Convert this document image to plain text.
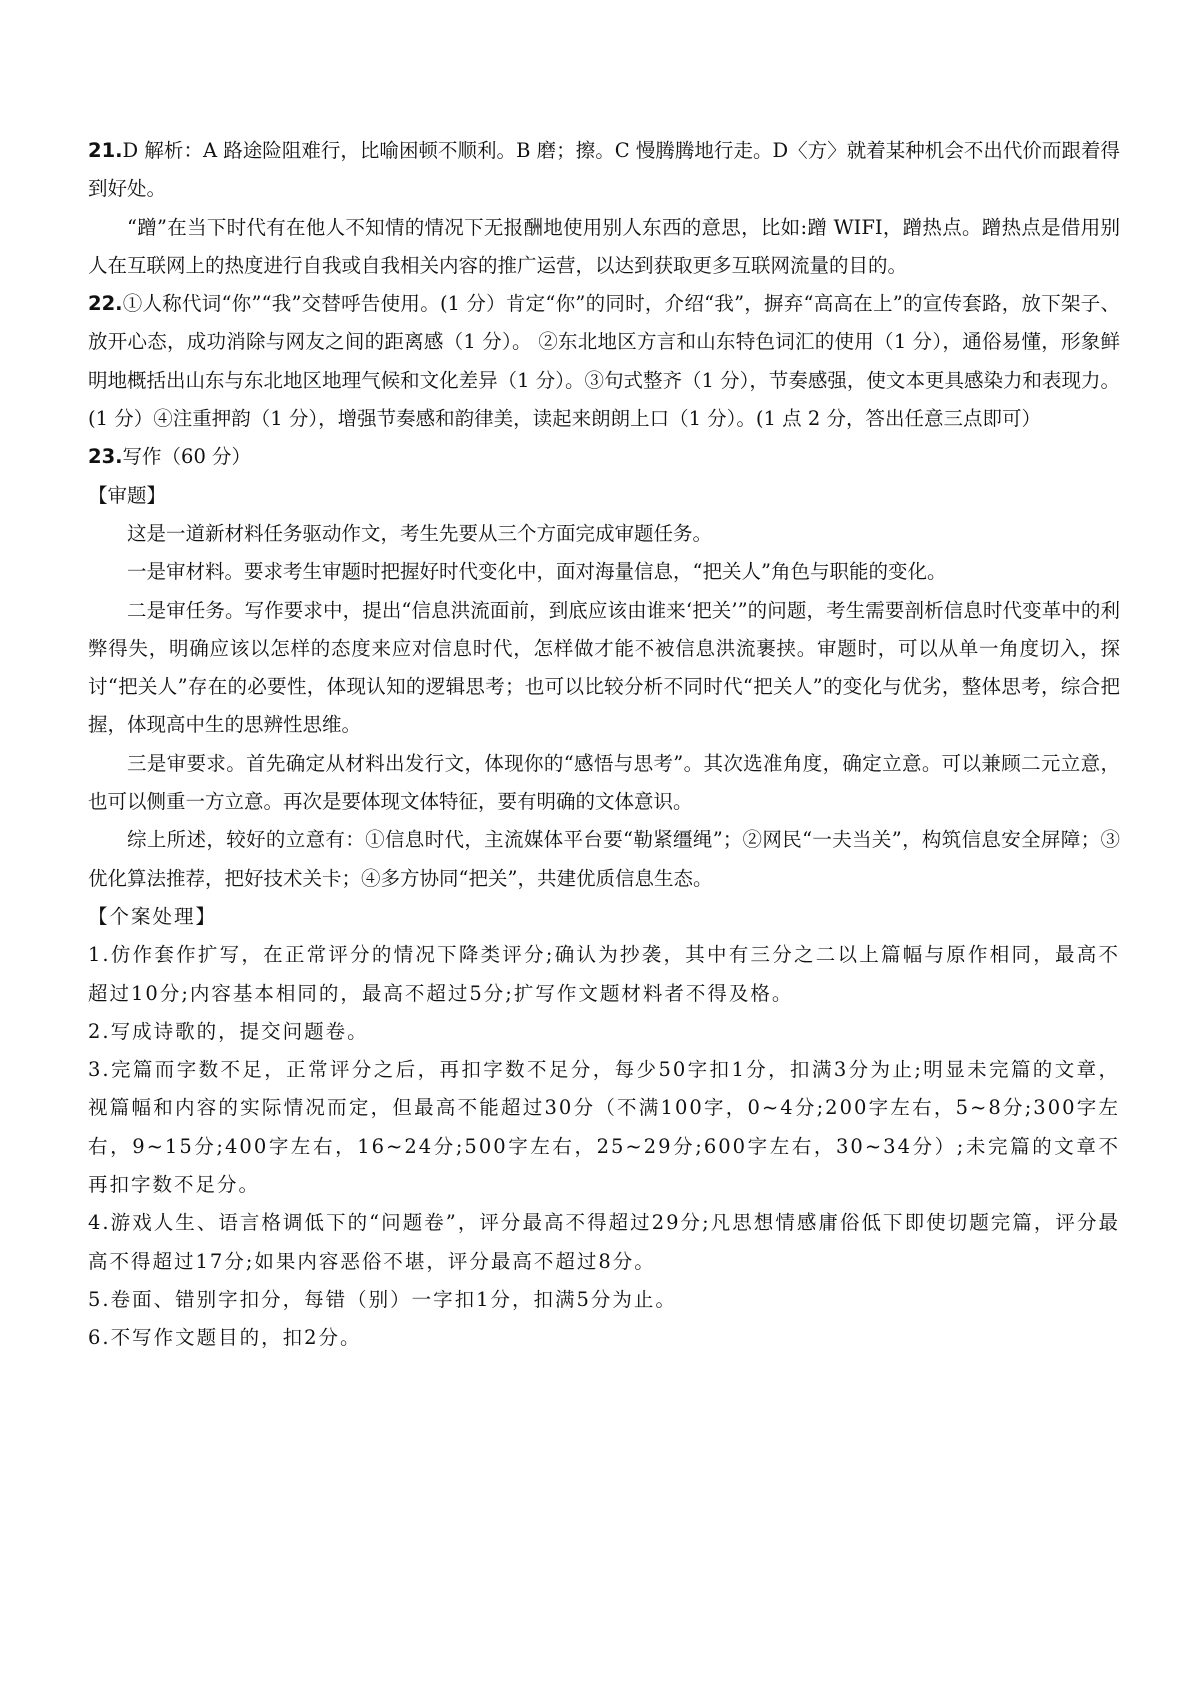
21.D 解析：A 路途险阻难行，比喻困顿不顺利。B 磨；擦。C 慢腾腾地行走。D〈方〉就着某种机会不出代价而跟着得到好处。

“蹭”在当下时代有在他人不知情的情况下无报酬地使用别人东西的意思，比如:蹭 WIFI，蹭热点。蹭热点是借用别人在互联网上的热度进行自我或自我相关内容的推广运营，以达到获取更多互联网流量的目的。

22.①人称代词“你”“我”交替呼告使用。(1 分）肯定“你”的同时，介绍“我”，摒弃“高高在上”的宣传套路，放下架子、放开心态，成功消除与网友之间的距离感（1 分）。 ②东北地区方言和山东特色词汇的使用（1 分），通俗易懂，形象鲜明地概括出山东与东北地区地理气候和文化差异（1 分）。③句式整齐（1 分），节奏感强，使文本更具感染力和表现力。(1 分）④注重押韵（1 分），增强节奏感和韵律美，读起来朗朗上口（1 分）。(1 点 2 分，答出任意三点即可）

23.写作（60 分）

【审题】

这是一道新材料任务驱动作文，考生先要从三个方面完成审题任务。

一是审材料。要求考生审题时把握好时代变化中，面对海量信息，“把关人”角色与职能的变化。

二是审任务。写作要求中，提出“信息洪流面前，到底应该由谁来‘把关’”的问题，考生需要剖析信息时代变革中的利弊得失，明确应该以怎样的态度来应对信息时代，怎样做才能不被信息洪流裹挟。审题时，可以从单一角度切入，探讨“把关人”存在的必要性，体现认知的逻辑思考；也可以比较分析不同时代“把关人”的变化与优劣，整体思考，综合把握，体现高中生的思辨性思维。

三是审要求。首先确定从材料出发行文，体现你的“感悟与思考”。其次选准角度，确定立意。可以兼顾二元立意，也可以侧重一方立意。再次是要体现文体特征，要有明确的文体意识。

综上所述，较好的立意有：①信息时代，主流媒体平台要“勒紧缰绳”；②网民“一夫当关”，构筑信息安全屏障；③优化算法推荐，把好技术关卡；④多方协同“把关”，共建优质信息生态。

【个案处理】

1.仿作套作扩写，在正常评分的情况下降类评分;确认为抄袭，其中有三分之二以上篇幅与原作相同，最高不超过10分;内容基本相同的，最高不超过5分;扩写作文题材料者不得及格。

2.写成诗歌的，提交问题卷。

3.完篇而字数不足，正常评分之后，再扣字数不足分，每少50字扣1分，扣满3分为止;明显未完篇的文章，视篇幅和内容的实际情况而定，但最高不能超过30分（不满100字，0~4分;200字左右，5~8分;300字左右，9~15分;400字左右，16~24分;500字左右，25~29分;600字左右，30~34分）;未完篇的文章不再扣字数不足分。

4.游戏人生、语言格调低下的“问题卷”，评分最高不得超过29分;凡思想情感庸俗低下即使切题完篇，评分最高不得超过17分;如果内容恶俗不堪，评分最高不超过8分。

5.卷面、错别字扣分，每错（别）一字扣1分，扣满5分为止。

6.不写作文题目的，扣2分。
